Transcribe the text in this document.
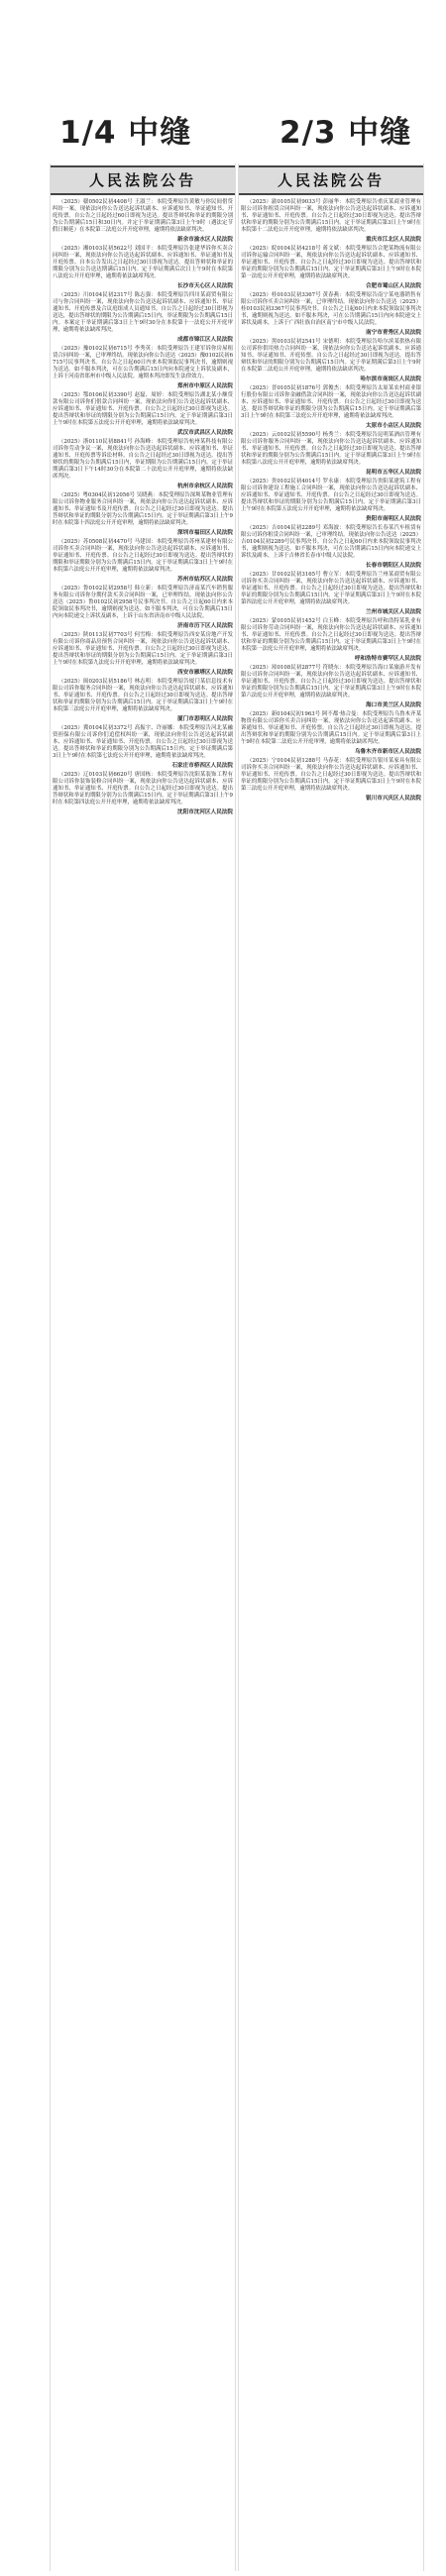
1/4 中缝	2/3 中缝
人民法院公告

（2025）赣0502民初4408号 王淑兰：本院受理原告黄敏与你民间借贷纠纷一案，现依法向你公告送达起诉状副本、应诉通知书、举证通知书、开庭传票。自公告之日起经过60日即视为送达。提出答辩状和举证的期限分别为公告期满后15日和30日内。并定于举证期满后第3日上午9时（遇法定节假日顺延）在本院第三法庭公开开庭审理，逾期将依法缺席判决。

新余市渝水区人民法院

（2025）湘0103民初5622号 刘国平：本院受理原告张建华诉你买卖合同纠纷一案，现依法向你公告送达起诉状副本、应诉通知书、举证通知书及开庭传票。自本公告发出之日起经过30日即视为送达。提出答辩状和举证的期限分别为公告送达期满后15日内。定于举证期满后次日上午9时在本院第八法庭公开开庭审理，逾期将依法缺席判决。

长沙市天心区人民法院

（2025）川0104民初2317号 陈志强：本院受理原告四川某商贸有限公司与你合同纠纷一案，现依法向你公告送达起诉状副本、应诉通知书、举证通知书、开庭传票及合议庭组成人员通知书。自公告之日起经过30日即视为送达，提出答辩状的期限为公告期满后15日内，举证期限为公告期满后15日内。本案定于举证期满后第3日上午9时30分在本院第十一法庭公开开庭审理，逾期将依法缺席判决。

成都市锦江区人民法院

（2025）豫0102民初6715号 李秀英：本院受理原告王建军诉你房屋租赁合同纠纷一案，已审理终结。现依法向你公告送达（2025）豫0102民初6715号民事判决书。自公告之日起60日内来本院领取民事判决书，逾期则视为送达。如不服本判决，可在公告期满后15日内向本院递交上诉状及副本，上诉于河南省郑州市中级人民法院。逾期本判决即发生法律效力。

郑州市中原区人民法院

（2025）鄂0106民初3390号 赵磊、周婷：本院受理原告湖北某小额贷款有限公司诉你们借款合同纠纷一案，现依法向你们公告送达起诉状副本、应诉通知书、举证通知书、开庭传票。自公告之日起经过30日即视为送达。提出答辩状和举证的期限分别为公告期满后15日内。定于举证期满后第3日上午9时在本院第五法庭公开开庭审理，逾期将依法缺席判决。

武汉市武昌区人民法院

（2025）浙0110民初8841号 孙海峰：本院受理原告杭州某科技有限公司诉你劳动争议一案，现依法向你公告送达起诉状副本、应诉通知书、举证通知书、开庭传票等诉讼材料。自公告之日起经过30日即视为送达。提出答辩状的期限为公告期满后15日内，举证期限为公告期满后15日内。定于举证期满后第3日下午14时30分在本院第二十法庭公开开庭审理，逾期将依法缺席判决。

杭州市余杭区人民法院

（2025）粤0304民初12056号 吴晓燕：本院受理原告深圳某物业管理有限公司诉你物业服务合同纠纷一案，现依法向你公告送达起诉状副本、应诉通知书、举证通知书及开庭传票。自公告之日起经过30日即视为送达。提出答辩状和举证的期限分别为公告期满后15日内。定于举证期满后第3日上午9时在本院第十四法庭公开开庭审理，逾期将依法缺席判决。

深圳市福田区人民法院

（2025）苏0508民初4470号 马建国：本院受理原告苏州某建材有限公司诉你买卖合同纠纷一案，现依法向你公告送达起诉状副本、应诉通知书、举证通知书、开庭传票。自公告之日起经过30日即视为送达。提出答辩状的期限和举证期限分别为公告期满后15日内。定于举证期满后第3日上午9时在本院第六法庭公开开庭审理，逾期将依法缺席判决。

苏州市姑苏区人民法院

（2025）鲁0102民初2958号 韩立新：本院受理原告济南某汽车销售服务有限公司诉你分期付款买卖合同纠纷一案，已审理终结。现依法向你公告送达（2025）鲁0102民初2958号民事判决书。自公告之日起60日内来本院领取民事判决书，逾期则视为送达。如不服本判决，可在公告期满后15日内向本院递交上诉状及副本，上诉于山东省济南市中级人民法院。

济南市历下区人民法院

（2025）陕0113民初7703号 何雪梅：本院受理原告西安某房地产开发有限公司诉你商品房预售合同纠纷一案，现依法向你公告送达起诉状副本、应诉通知书、举证通知书、开庭传票。自公告之日起经过30日即视为送达。提出答辩状和举证的期限分别为公告期满后15日内。定于举证期满后第3日上午9时在本院第九法庭公开开庭审理，逾期将依法缺席判决。

西安市雁塔区人民法院

（2025）闽0203民初5186号 林志明：本院受理原告厦门某信息技术有限公司诉你服务合同纠纷一案，现依法向你公告送达起诉状副本、应诉通知书、举证通知书、开庭传票。自公告之日起经过30日即视为送达。提出答辩状和举证的期限分别为公告期满后15日内。定于举证期满后第3日上午9时在本院第三法庭公开开庭审理，逾期将依法缺席判决。

厦门市思明区人民法院

（2025）冀0104民初3372号 高振宇、许丽娜：本院受理原告河北某融资担保有限公司诉你们追偿权纠纷一案，现依法向你们公告送达起诉状副本、应诉通知书、举证通知书、开庭传票。自公告之日起经过30日即视为送达。提出答辩状和举证的期限分别为公告期满后15日内。定于举证期满后第3日上午9时在本院第七法庭公开开庭审理，逾期将依法缺席判决。

石家庄市桥西区人民法院

（2025）辽0103民初6620号 唐国栋：本院受理原告沈阳某装饰工程有限公司诉你装饰装修合同纠纷一案，现依法向你公告送达起诉状副本、应诉通知书、举证通知书、开庭传票。自公告之日起经过30日即视为送达。提出答辩状和举证的期限分别为公告期满后15日内。定于举证期满后第3日上午9时在本院第四法庭公开开庭审理，逾期将依法缺席判决。

沈阳市沈河区人民法院

人民法院公告

（2025）渝0105民初9033号 彭丽华：本院受理原告重庆某商业管理有限公司诉你租赁合同纠纷一案，现依法向你公告送达起诉状副本、应诉通知书、举证通知书、开庭传票。自公告之日起经过30日即视为送达。提出答辩状和举证的期限分别为公告期满后15日内。定于举证期满后第3日上午9时在本院第十二法庭公开开庭审理，逾期将依法缺席判决。

重庆市江北区人民法院

（2025）皖0104民初4218号 蒋文斌：本院受理原告合肥某物流有限公司诉你运输合同纠纷一案，现依法向你公告送达起诉状副本、应诉通知书、举证通知书、开庭传票。自公告之日起经过30日即视为送达。提出答辩状和举证的期限分别为公告期满后15日内。定于举证期满后第3日上午9时在本院第一法庭公开开庭审理，逾期将依法缺席判决。

合肥市蜀山区人民法院

（2025）桂0103民初3367号 黄春燕：本院受理原告南宁某电器销售有限公司诉你买卖合同纠纷一案，已审理终结。现依法向你公告送达（2025）桂0103民初3367号民事判决书。自公告之日起60日内来本院领取民事判决书，逾期则视为送达。如不服本判决，可在公告期满后15日内向本院递交上诉状及副本，上诉于广西壮族自治区南宁市中级人民法院。

南宁市青秀区人民法院

（2025）黑0103民初2541号 宋德明：本院受理原告哈尔滨某供热有限公司诉你供用热力合同纠纷一案，现依法向你公告送达起诉状副本、应诉通知书、举证通知书、开庭传票。自公告之日起经过30日即视为送达。提出答辩状和举证的期限分别为公告期满后15日内。定于举证期满后第3日上午9时在本院第二法庭公开开庭审理，逾期将依法缺席判决。

哈尔滨市南岗区人民法院

（2025）晋0105民初1876号 郭俊杰：本院受理原告太原某农村商业银行股份有限公司诉你金融借款合同纠纷一案，现依法向你公告送达起诉状副本、应诉通知书、举证通知书、开庭传票。自公告之日起经过30日即视为送达。提出答辩状和举证的期限分别为公告期满后15日内。定于举证期满后第3日上午9时在本院第三法庭公开开庭审理，逾期将依法缺席判决。

太原市小店区人民法院

（2025）云0102民初5590号 杨秀兰：本院受理原告昆明某酒店管理有限公司诉你服务合同纠纷一案，现依法向你公告送达起诉状副本、应诉通知书、举证通知书、开庭传票。自公告之日起经过30日即视为送达。提出答辩状和举证的期限分别为公告期满后15日内。定于举证期满后第3日上午9时在本院第八法庭公开开庭审理，逾期将依法缺席判决。

昆明市五华区人民法院

（2025）贵0102民初4014号 罗永康：本院受理原告贵阳某建筑工程有限公司诉你建设工程施工合同纠纷一案，现依法向你公告送达起诉状副本、应诉通知书、举证通知书、开庭传票。自公告之日起经过30日即视为送达。提出答辩状和举证的期限分别为公告期满后15日内。定于举证期满后第3日上午9时在本院第五法庭公开开庭审理，逾期将依法缺席判决。

贵阳市南明区人民法院

（2025）吉0104民初2289号 邓海波：本院受理原告长春某汽车租赁有限公司诉你租赁合同纠纷一案，已审理终结。现依法向你公告送达（2025）吉0104民初2289号民事判决书。自公告之日起60日内来本院领取民事判决书，逾期则视为送达。如不服本判决，可在公告期满后15日内向本院递交上诉状及副本，上诉于吉林省长春市中级人民法院。

长春市朝阳区人民法院

（2025）甘0102民初3165号 曹立军：本院受理原告兰州某商贸有限公司诉你买卖合同纠纷一案，现依法向你公告送达起诉状副本、应诉通知书、举证通知书、开庭传票。自公告之日起经过30日即视为送达。提出答辩状和举证的期限分别为公告期满后15日内。定于举证期满后第3日上午9时在本院第四法庭公开开庭审理，逾期将依法缺席判决。

兰州市城关区人民法院

（2025）蒙0105民初1452号 白玉峰：本院受理原告呼和浩特某乳业有限公司诉你劳动合同纠纷一案，现依法向你公告送达起诉状副本、应诉通知书、举证通知书、开庭传票。自公告之日起经过30日即视为送达。提出答辩状和举证的期限分别为公告期满后15日内。定于举证期满后第3日上午9时在本院第一法庭公开开庭审理，逾期将依法缺席判决。

呼和浩特市赛罕区人民法院

（2025）琼0108民初2877号 符晓东：本院受理原告海口某旅游开发有限公司诉你合同纠纷一案，现依法向你公告送达起诉状副本、应诉通知书、举证通知书、开庭传票。自公告之日起经过30日即视为送达。提出答辩状和举证的期限分别为公告期满后15日内。定于举证期满后第3日上午9时在本院第六法庭公开开庭审理，逾期将依法缺席判决。

海口市美兰区人民法院

（2025）新0104民初1963号 阿不都·热合曼：本院受理原告乌鲁木齐某物资有限公司诉你买卖合同纠纷一案，现依法向你公告送达起诉状副本、应诉通知书、举证通知书、开庭传票。自公告之日起经过30日即视为送达。提出答辩状和举证的期限分别为公告期满后15日内。定于举证期满后第3日上午9时在本院第二法庭公开开庭审理，逾期将依法缺席判决。

乌鲁木齐市新市区人民法院

（2025）宁0104民初1288号 马春花：本院受理原告银川某家具有限公司诉你买卖合同纠纷一案，现依法向你公告送达起诉状副本、应诉通知书、举证通知书、开庭传票。自公告之日起经过30日即视为送达。提出答辩状和举证的期限分别为公告期满后15日内。定于举证期满后第3日上午9时在本院第三法庭公开开庭审理，逾期将依法缺席判决。

银川市兴庆区人民法院
